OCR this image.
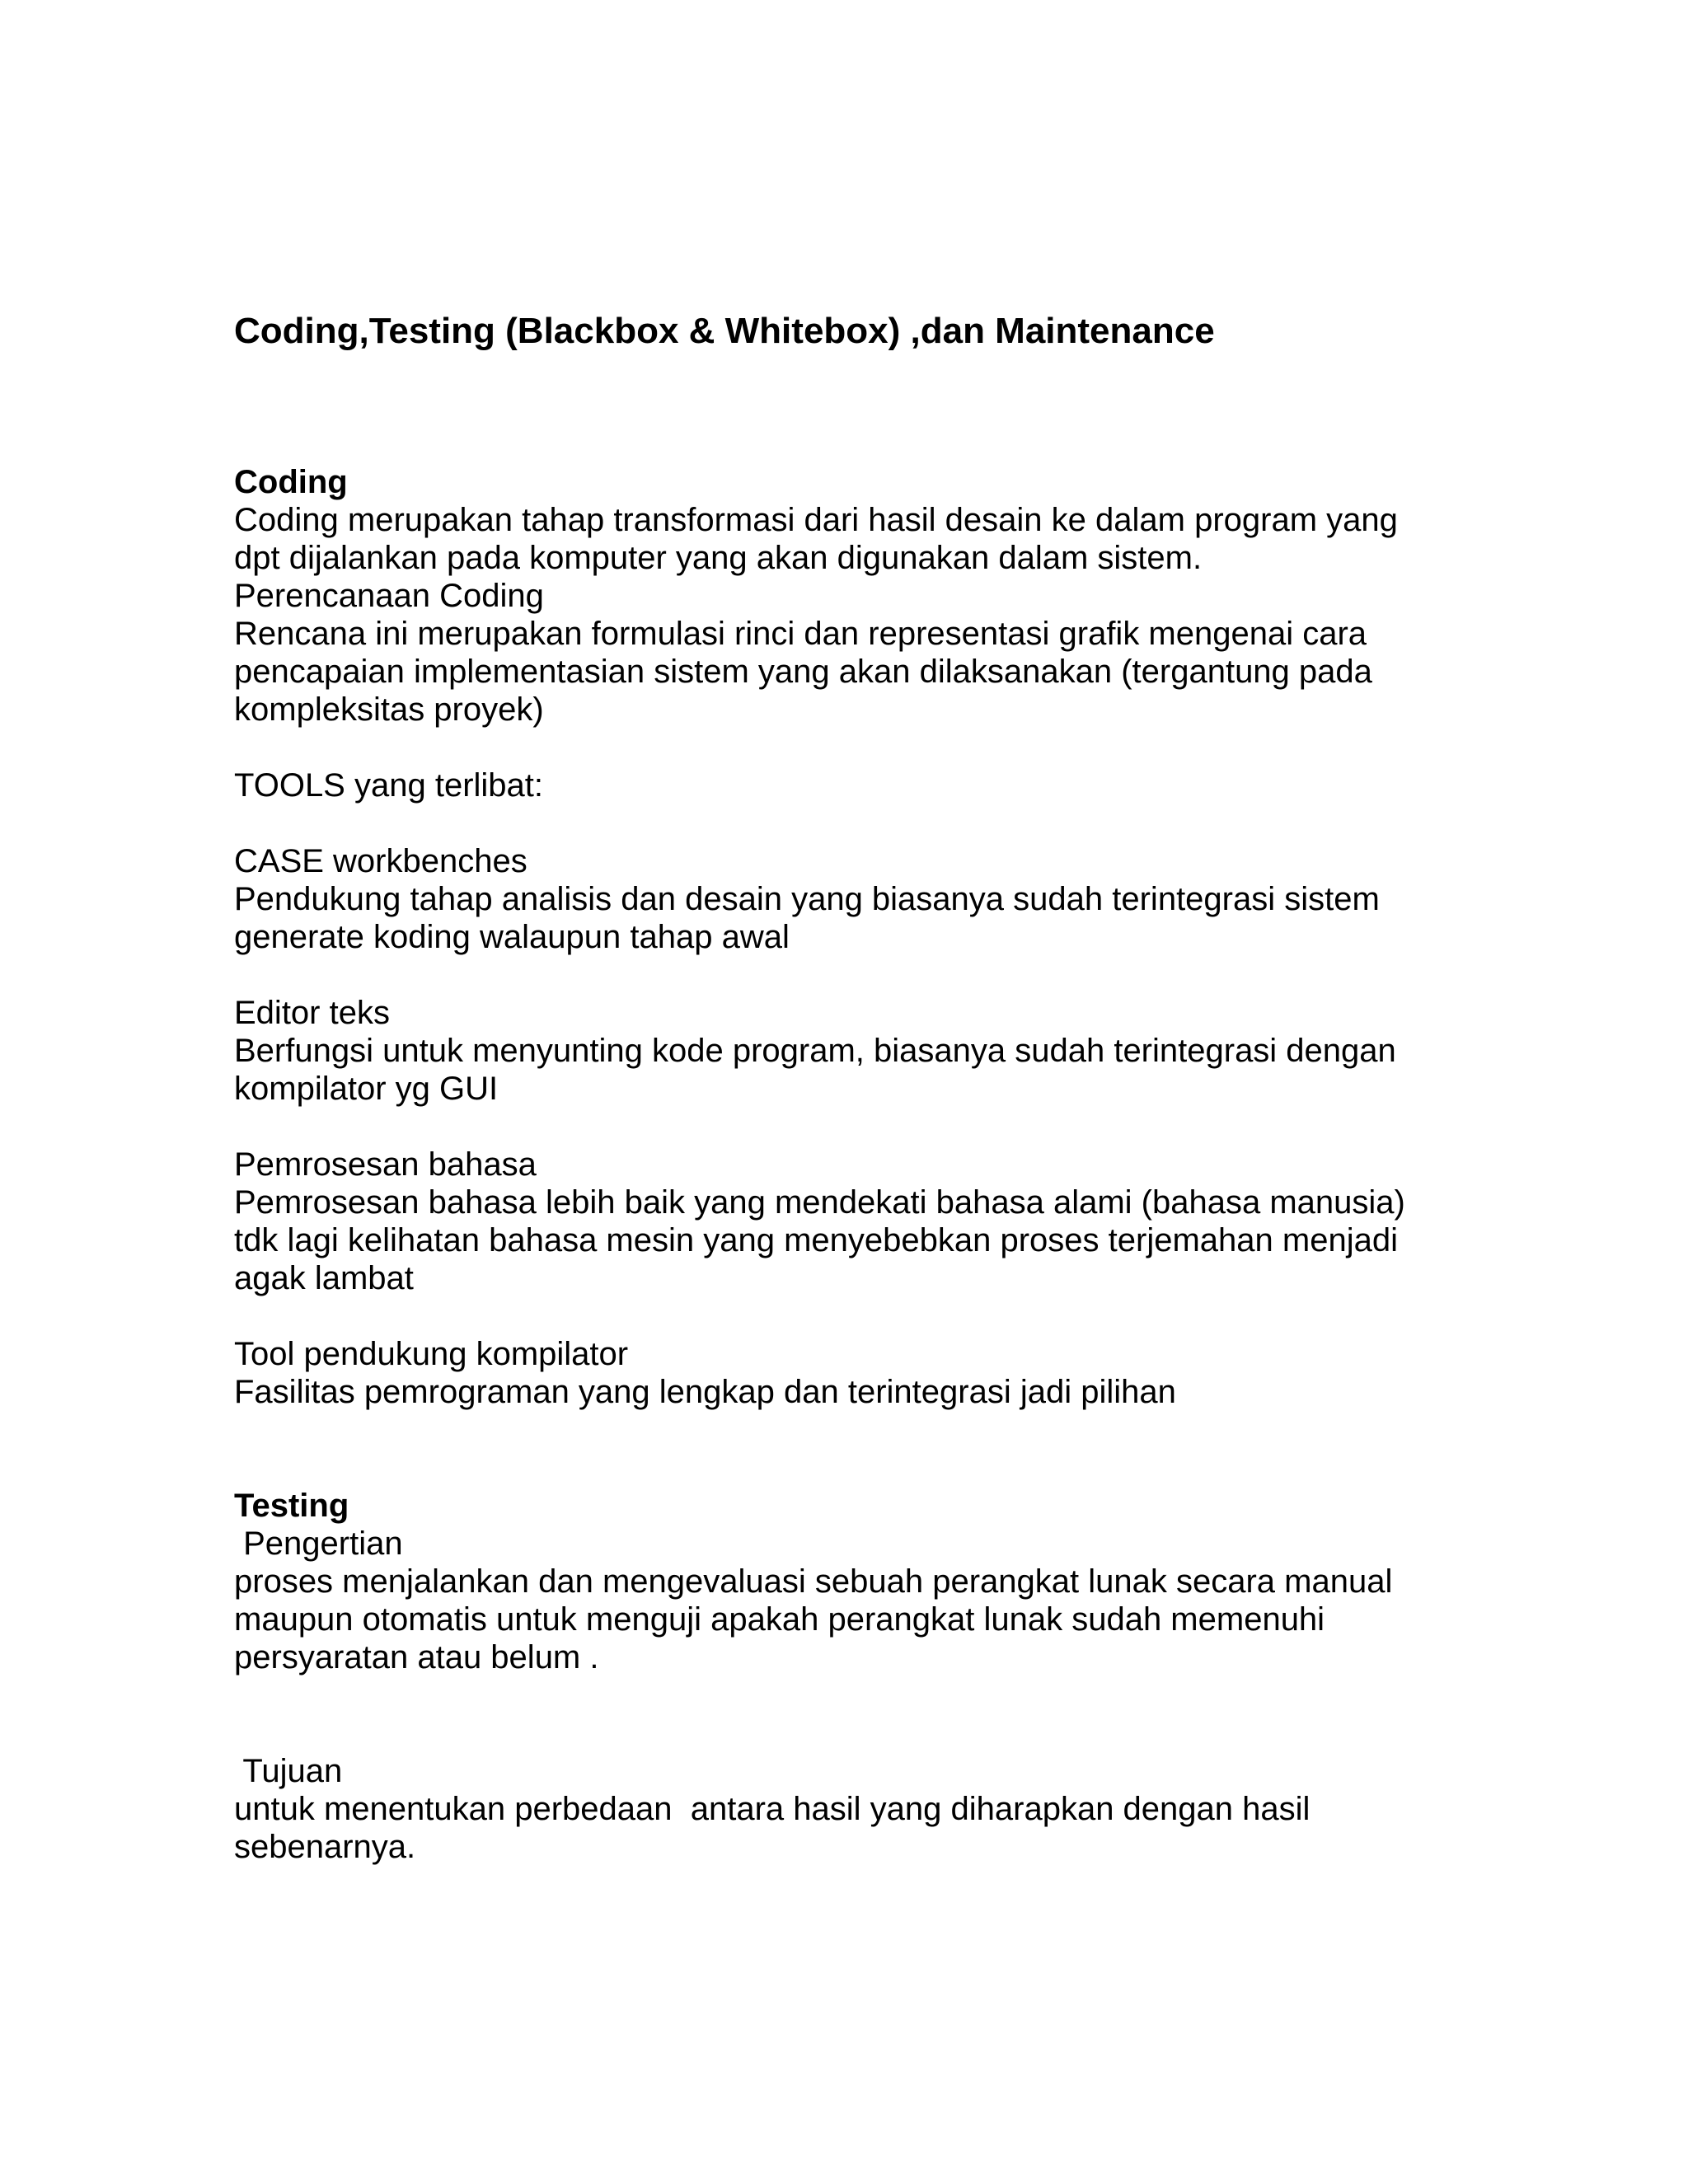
Coding,Testing (Blackbox & Whitebox) ,dan Maintenance
Coding

Coding merupakan tahap transformasi dari hasil desain ke dalam program yang

dpt dijalankan pada komputer yang akan digunakan dalam sistem.

Perencanaan Coding

Rencana ini merupakan formulasi rinci dan representasi grafik mengenai cara

pencapaian implementasian sistem yang akan dilaksanakan (tergantung pada

kompleksitas proyek)

TOOLS yang terlibat:

CASE workbenches

Pendukung tahap analisis dan desain yang biasanya sudah terintegrasi sistem

generate koding walaupun tahap awal

Editor teks

Berfungsi untuk menyunting kode program, biasanya sudah terintegrasi dengan

kompilator yg GUI

Pemrosesan bahasa

Pemrosesan bahasa lebih baik yang mendekati bahasa alami (bahasa manusia)

tdk lagi kelihatan bahasa mesin yang menyebebkan proses terjemahan menjadi

agak lambat

Tool pendukung kompilator

Fasilitas pemrograman yang lengkap dan terintegrasi jadi pilihan

Testing

Pengertian

proses menjalankan dan mengevaluasi sebuah perangkat lunak secara manual

maupun otomatis untuk menguji apakah perangkat lunak sudah memenuhi

persyaratan atau belum .

Tujuan

untuk menentukan perbedaan  antara hasil yang diharapkan dengan hasil

sebenarnya.
